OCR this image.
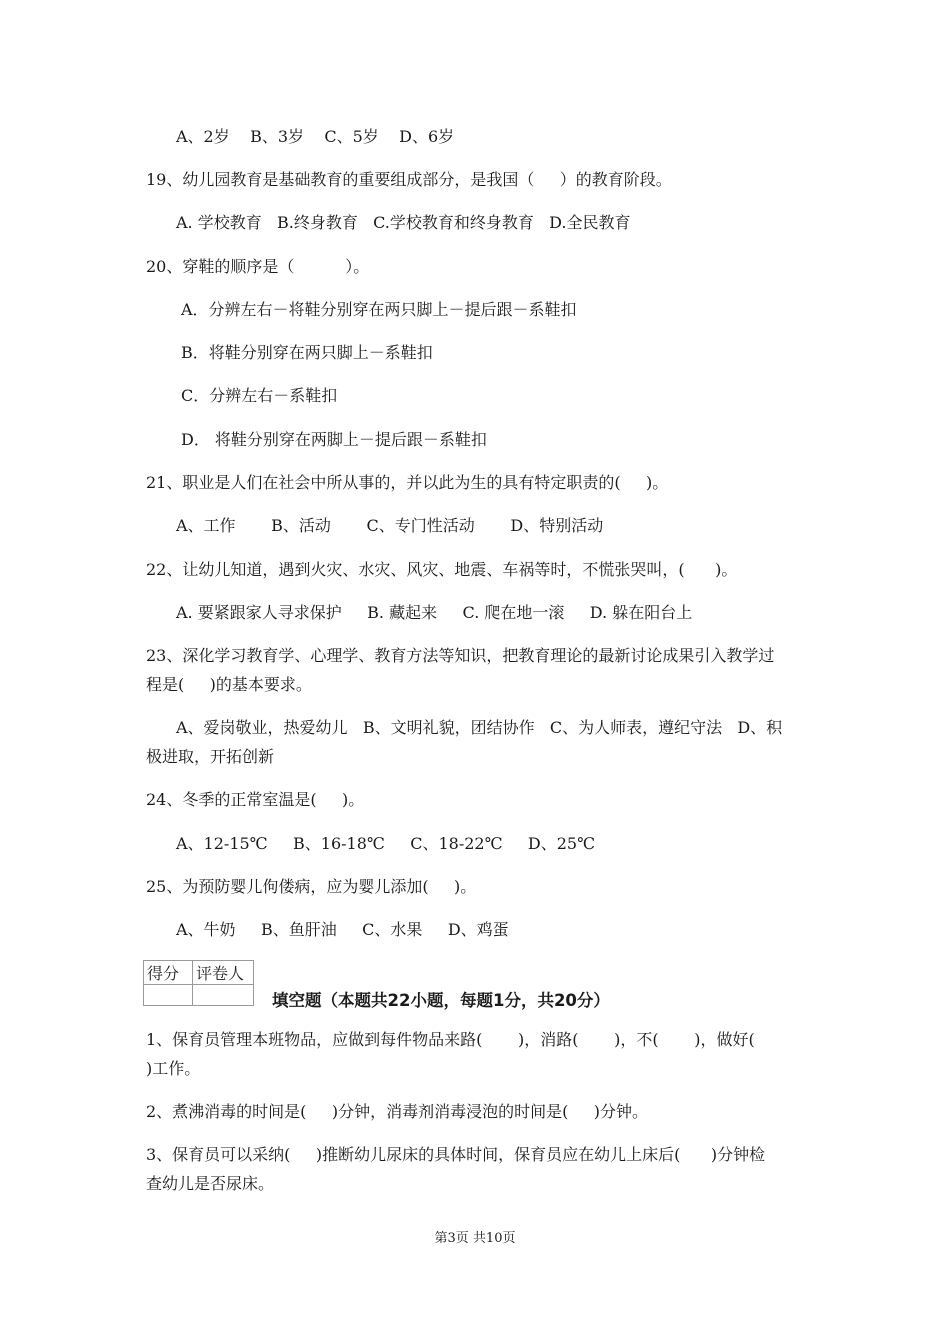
A、2岁    B、3岁    C、5岁    D、6岁
19、幼儿园教育是基础教育的重要组成部分，是我国（     ）的教育阶段。
A. 学校教育   B.终身教育   C.学校教育和终身教育   D.全民教育
20、穿鞋的顺序是（          ）。
A．分辨左右－将鞋分别穿在两只脚上－提后跟－系鞋扣
B．将鞋分别穿在两只脚上－系鞋扣
C．分辨左右－系鞋扣
D． 将鞋分别穿在两脚上－提后跟－系鞋扣
21、职业是人们在社会中所从事的，并以此为生的具有特定职责的(     )。
A、工作       B、活动       C、专门性活动       D、特别活动
22、让幼儿知道，遇到火灾、水灾、风灾、地震、车祸等时，不慌张哭叫，(      )。
A. 要紧跟家人寻求保护     B. 藏起来     C. 爬在地一滚     D. 躲在阳台上
23、深化学习教育学、心理学、教育方法等知识，把教育理论的最新讨论成果引入教学过
程是(     )的基本要求。
A、爱岗敬业，热爱幼儿   B、文明礼貌，团结协作   C、为人师表，遵纪守法   D、积
极进取，开拓创新
24、冬季的正常室温是(     )。
A、12-15℃     B、16-18℃     C、18-22℃     D、25℃
25、为预防婴儿佝偻病，应为婴儿添加(     )。
A、牛奶     B、鱼肝油     C、水果     D、鸡蛋
得分	评卷人

填空题（本题共22小题，每题1分，共20分）
1、保育员管理本班物品，应做到每件物品来路(       )，消路(       )，不(       )，做好(
)工作。
2、煮沸消毒的时间是(     )分钟，消毒剂消毒浸泡的时间是(     )分钟。
3、保育员可以采纳(     )推断幼儿尿床的具体时间，保育员应在幼儿上床后(      )分钟检
查幼儿是否尿床。
第3页 共10页
